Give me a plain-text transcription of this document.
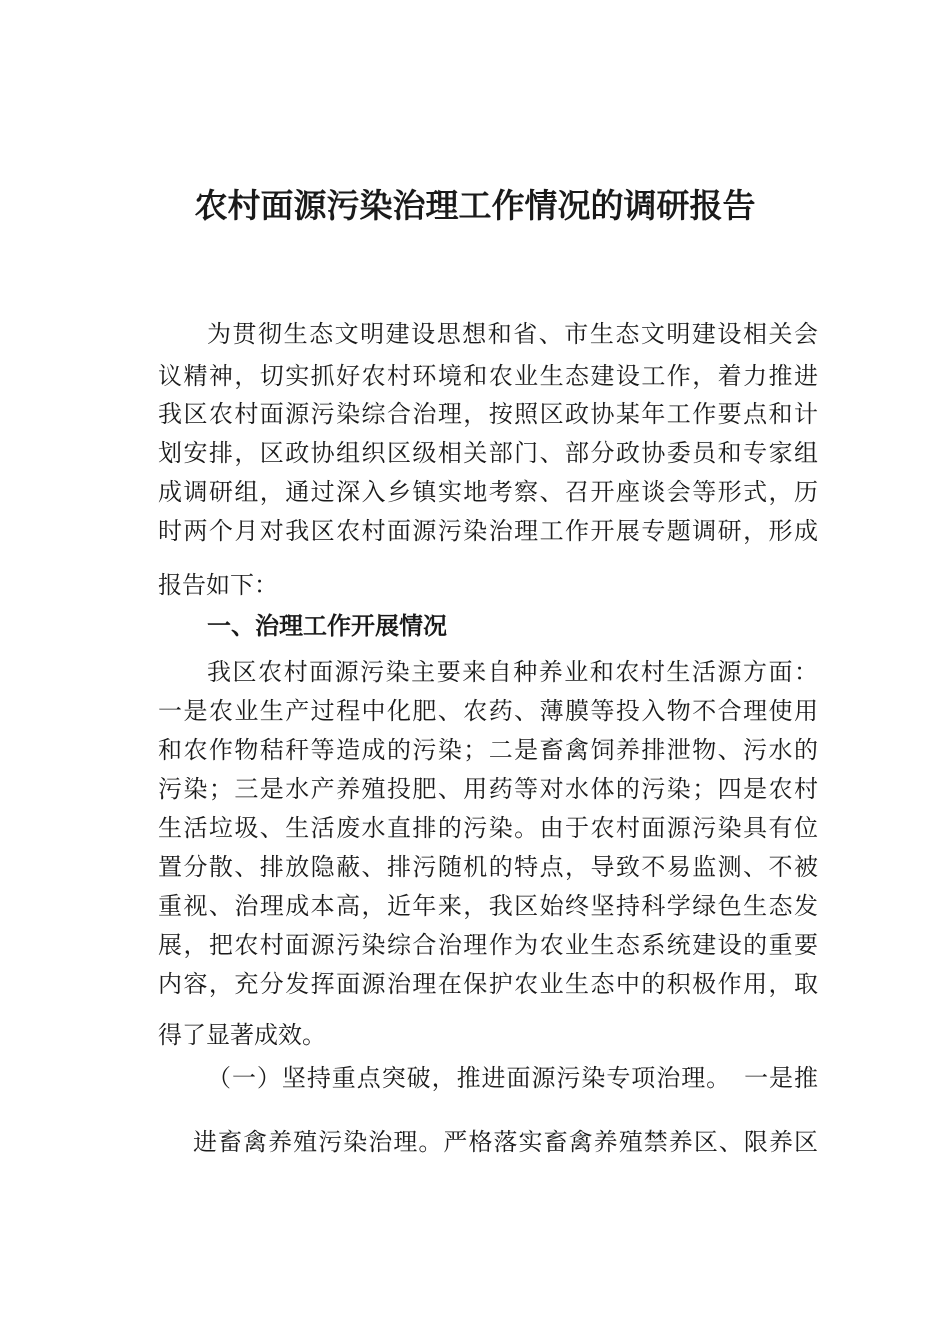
农村面源污染治理工作情况的调研报告
为贯彻生态文明建设思想和省、市生态文明建设相关会
议精神，切实抓好农村环境和农业生态建设工作，着力推进
我区农村面源污染综合治理，按照区政协某年工作要点和计
划安排，区政协组织区级相关部门、部分政协委员和专家组
成调研组，通过深入乡镇实地考察、召开座谈会等形式，历
时两个月对我区农村面源污染治理工作开展专题调研，形成
报告如下：
一、治理工作开展情况
我区农村面源污染主要来自种养业和农村生活源方面：
一是农业生产过程中化肥、农药、薄膜等投入物不合理使用
和农作物秸秆等造成的污染；二是畜禽饲养排泄物、污水的
污染；三是水产养殖投肥、用药等对水体的污染；四是农村
生活垃圾、生活废水直排的污染。由于农村面源污染具有位
置分散、排放隐蔽、排污随机的特点，导致不易监测、不被
重视、治理成本高，近年来，我区始终坚持科学绿色生态发
展，把农村面源污染综合治理作为农业生态系统建设的重要
内容，充分发挥面源治理在保护农业生态中的积极作用，取
得了显著成效。
（一）坚持重点突破，推进面源污染专项治理。　一是推
进畜禽养殖污染治理。严格落实畜禽养殖禁养区、限养区
